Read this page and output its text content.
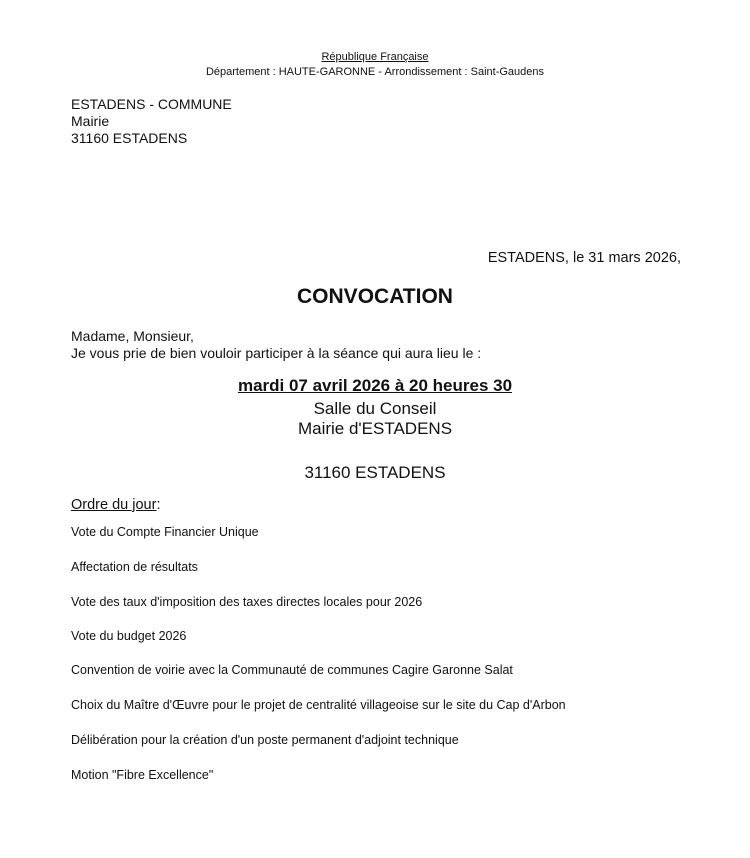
République Française
Département : HAUTE-GARONNE - Arrondissement : Saint-Gaudens
ESTADENS - COMMUNE
Mairie
31160 ESTADENS
ESTADENS, le 31 mars 2026,
CONVOCATION
Madame, Monsieur,
Je vous prie de bien vouloir participer à la séance qui aura lieu le :
mardi 07 avril 2026 à 20 heures 30
Salle du Conseil
Mairie d'ESTADENS
31160 ESTADENS
Ordre du jour:
Vote du Compte Financier Unique
Affectation de résultats
Vote des taux d'imposition des taxes directes locales pour 2026
Vote du budget 2026
Convention de voirie avec la Communauté de communes Cagire Garonne Salat
Choix du Maître d'Œuvre pour le projet de centralité villageoise sur le site du Cap d'Arbon
Délibération pour la création d'un poste permanent d'adjoint technique
Motion "Fibre Excellence"
